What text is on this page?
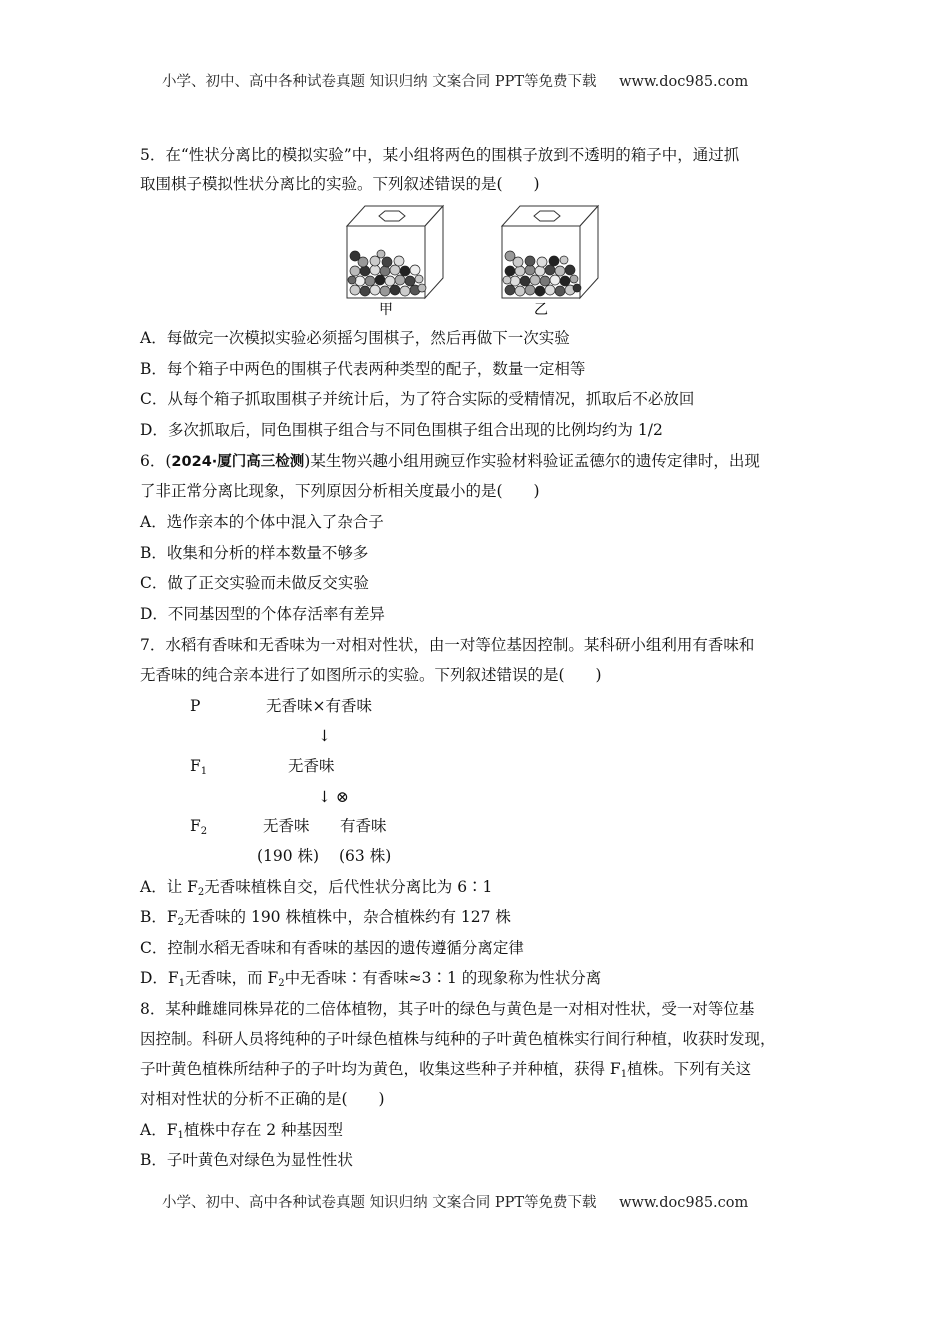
小学、初中、高中各种试卷真题 知识归纳 文案合同 PPT等免费下载 www.doc985.com
5．在“性状分离比的模拟实验”中，某小组将两色的围棋子放到不透明的箱子中，通过抓
取围棋子模拟性状分离比的实验。下列叙述错误的是(　　)
甲	乙
A．每做完一次模拟实验必须摇匀围棋子，然后再做下一次实验
B．每个箱子中两色的围棋子代表两种类型的配子，数量一定相等
C．从每个箱子抓取围棋子并统计后，为了符合实际的受精情况，抓取后不必放回
D．多次抓取后，同色围棋子组合与不同色围棋子组合出现的比例均约为 1/2
6．(2024·厦门高三检测)某生物兴趣小组用豌豆作实验材料验证孟德尔的遗传定律时，出现
了非正常分离比现象，下列原因分析相关度最小的是(　　)
A．选作亲本的个体中混入了杂合子
B．收集和分析的样本数量不够多
C．做了正交实验而未做反交实验
D．不同基因型的个体存活率有差异
7．水稻有香味和无香味为一对相对性状，由一对等位基因控制。某科研小组利用有香味和
无香味的纯合亲本进行了如图所示的实验。下列叙述错误的是(　　)
P	无香味×有香味
↓
$F_1$	无香味
↓ ⊗
$F_2$	无香味 有香味
(190 株) (63 株)
A．让 $F_2$无香味植株自交，后代性状分离比为 6∶1
B．$F_2$无香味的 190 株植株中，杂合植株约有 127 株
C．控制水稻无香味和有香味的基因的遗传遵循分离定律
D．$F_1$无香味，而 $F_2$中无香味∶有香味≈3∶1 的现象称为性状分离
8．某种雌雄同株异花的二倍体植物，其子叶的绿色与黄色是一对相对性状，受一对等位基
因控制。科研人员将纯种的子叶绿色植株与纯种的子叶黄色植株实行间行种植，收获时发现，
子叶黄色植株所结种子的子叶均为黄色，收集这些种子并种植，获得 $F_1$植株。下列有关这
对相对性状的分析不正确的是(　　)
A．$F_1$植株中存在 2 种基因型
B．子叶黄色对绿色为显性性状
小学、初中、高中各种试卷真题 知识归纳 文案合同 PPT等免费下载 www.doc985.com
